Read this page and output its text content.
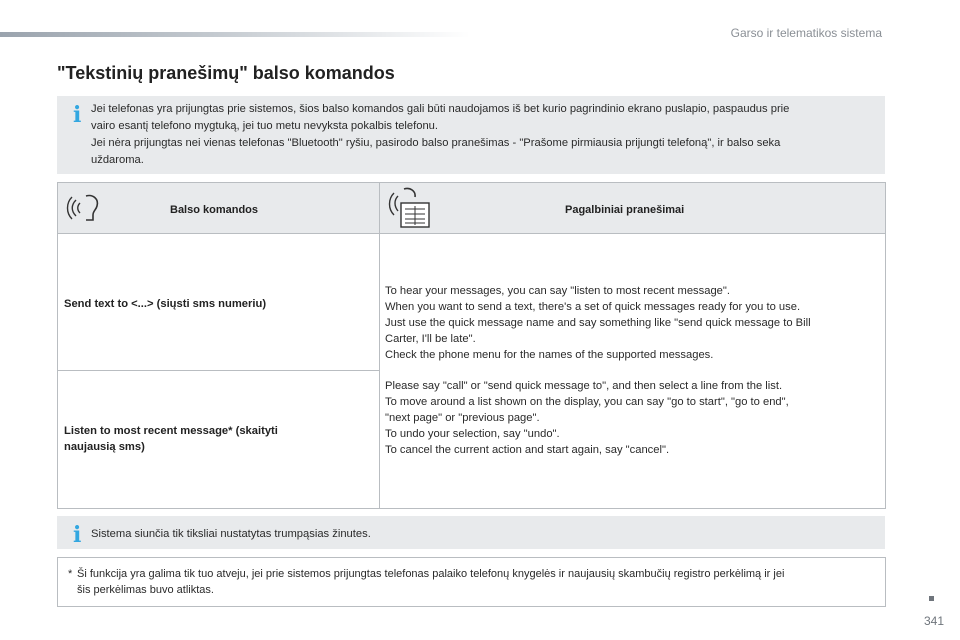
Garso ir telematikos sistema
"Tekstinių pranešimų" balso komandos
i Jei telefonas yra prijungtas prie sistemos, šios balso komandos gali būti naudojamos iš bet kurio pagrindinio ekrano puslapio, paspaudus prie

vairo esantį telefono mygtuką, jei tuo metu nevyksta pokalbis telefonu.

Jei nėra prijungtas nei vienas telefonas "Bluetooth" ryšiu, pasirodo balso pranešimas - "Prašome pirmiausia prijungti telefoną", ir balso seka

uždaroma.

Balso komandos	Pagalbiniai pranešimai
Send text to <...> (siųsti sms numeriu)
Listen to most recent message* (skaityti
naujausią sms)
To hear your messages, you can say "listen to most recent message".
When you want to send a text, there's a set of quick messages ready for you to use.
Just use the quick message name and say something like "send quick message to Bill
Carter, I'll be late".
Check the phone menu for the names of the supported messages.
Please say "call" or "send quick message to", and then select a line from the list.
To move around a list shown on the display, you can say "go to start", "go to end",
"next page" or "previous page".
To undo your selection, say "undo".
To cancel the current action and start again, say "cancel".
i Sistema siunčia tik tiksliai nustatytas trumpąsias žinutes.

* Ši funkcija yra galima tik tuo atveju, jei prie sistemos prijungtas telefonas palaiko telefonų knygelės ir naujausių skambučių registro perkėlimą ir jei

šis perkėlimas buvo atliktas.

341
